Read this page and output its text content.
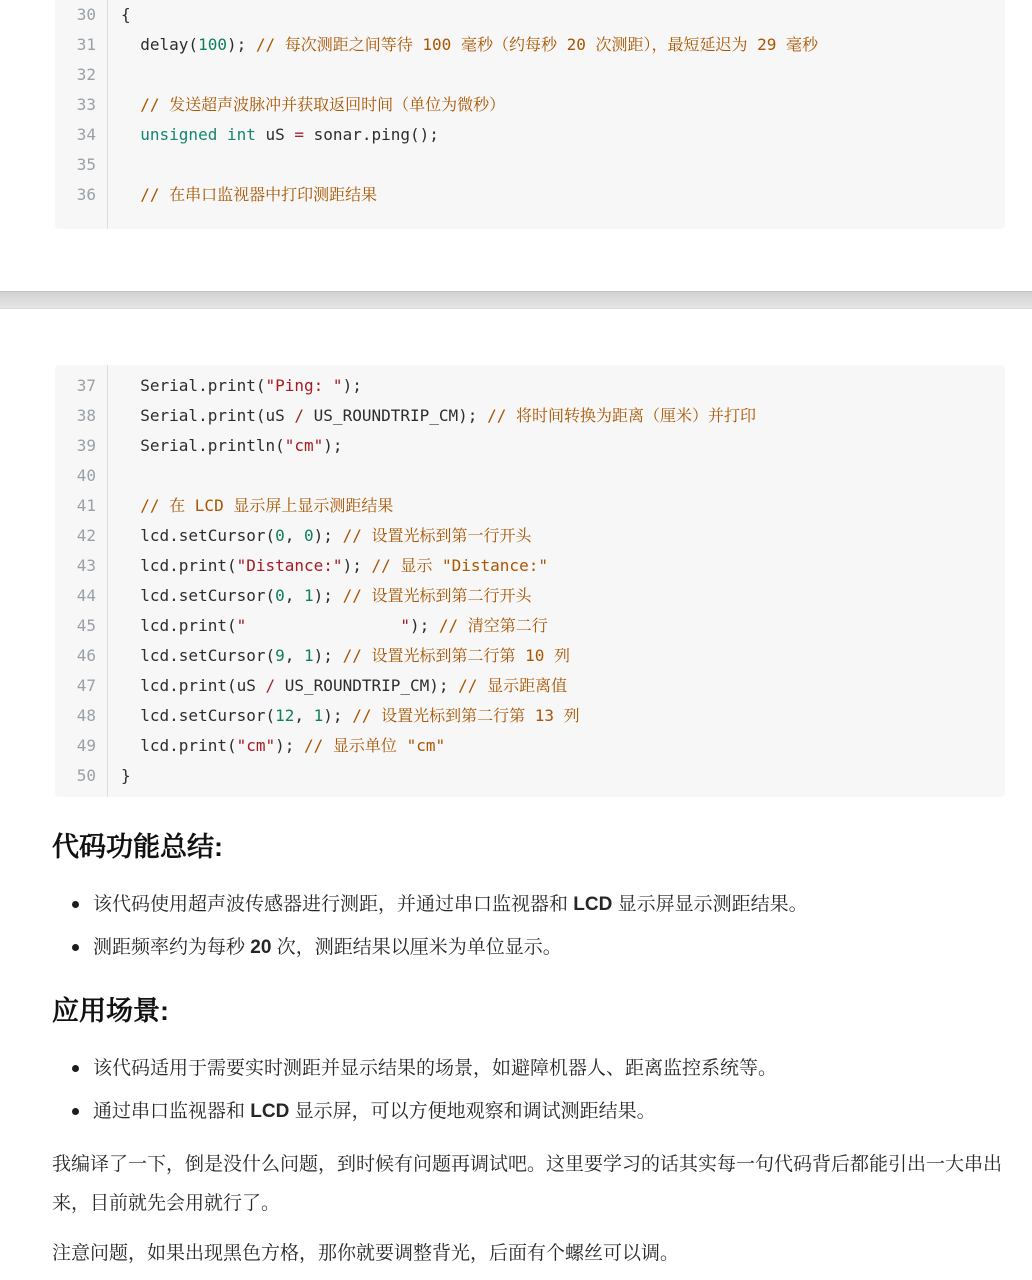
30	{
31	delay(100); // 每次测距之间等待 100 毫秒（约每秒 20 次测距），最短延迟为 29 毫秒
32
33	// 发送超声波脉冲并获取返回时间（单位为微秒）
34	unsigned int uS = sonar.ping();
35
36	// 在串口监视器中打印测距结果
37	Serial.print("Ping: ");
38	Serial.print(uS / US_ROUNDTRIP_CM); // 将时间转换为距离（厘米）并打印
39	Serial.println("cm");
40
41	// 在 LCD 显示屏上显示测距结果
42	lcd.setCursor(0, 0); // 设置光标到第一行开头
43	lcd.print("Distance:"); // 显示 "Distance:"
44	lcd.setCursor(0, 1); // 设置光标到第二行开头
45	lcd.print("                "); // 清空第二行
46	lcd.setCursor(9, 1); // 设置光标到第二行第 10 列
47	lcd.print(uS / US_ROUNDTRIP_CM); // 显示距离值
48	lcd.setCursor(12, 1); // 设置光标到第二行第 13 列
49	lcd.print("cm"); // 显示单位 "cm"
50	}
代码功能总结:
该代码使用超声波传感器进行测距，并通过串口监视器和 LCD 显示屏显示测距结果。
测距频率约为每秒 20 次，测距结果以厘米为单位显示。
应用场景:
该代码适用于需要实时测距并显示结果的场景，如避障机器人、距离监控系统等。
通过串口监视器和 LCD 显示屏，可以方便地观察和调试测距结果。

我编译了一下，倒是没什么问题，到时候有问题再调试吧。这里要学习的话其实每一句代码背后都能引出一大串出来，目前就先会用就行了。

注意问题，如果出现黑色方格，那你就要调整背光，后面有个螺丝可以调。
